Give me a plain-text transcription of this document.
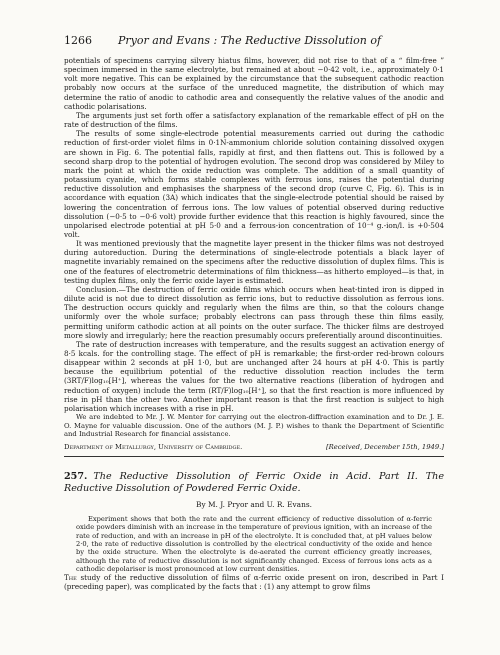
1266 Pryor and Evans : The Reductive Dissolution of

potentials of specimens carrying silvery hiatus films, however, did not rise to that of a “ film-free ” specimen immersed in the same electrolyte, but remained at about −0·42 volt, i.e., approximately 0·1 volt more negative. This can be explained by the circumstance that the subsequent cathodic reaction probably now occurs at the surface of the unreduced magnetite, the distribution of which may determine the ratio of anodic to cathodic area and consequently the relative values of the anodic and cathodic polarisations.

The arguments just set forth offer a satisfactory explanation of the remarkable effect of pH on the rate of destruction of the films.

The results of some single-electrode potential measurements carried out during the cathodic reduction of first-order violet films in 0·1N-ammonium chloride solution containing dissolved oxygen are shown in Fig. 6. The potential falls, rapidly at first, and then flattens out. This is followed by a second sharp drop to the potential of hydrogen evolution. The second drop was considered by Miley to mark the point at which the oxide reduction was complete. The addition of a small quantity of potassium cyanide, which forms stable complexes with ferrous ions, raises the potential during reductive dissolution and emphasises the sharpness of the second drop (curve C, Fig. 6). This is in accordance with equation (3A) which indicates that the single-electrode potential should be raised by lowering the concentration of ferrous ions. The low values of potential observed during reductive dissolution (−0·5 to −0·6 volt) provide further evidence that this reaction is highly favoured, since the unpolarised electrode potential at pH 5·0 and a ferrous-ion concentration of 10⁻⁴ g.-ion/l. is +0·504 volt.

It was mentioned previously that the magnetite layer present in the thicker films was not destroyed during autoreduction. During the determinations of single-electrode potentials a black layer of magnetite invariably remained on the specimens after the reductive dissolution of duplex films. This is one of the features of electrometric determinations of film thickness—as hitherto employed—is that, in testing duplex films, only the ferric oxide layer is estimated.

Conclusion.—The destruction of ferric oxide films which occurs when heat-tinted iron is dipped in dilute acid is not due to direct dissolution as ferric ions, but to reductive dissolution as ferrous ions. The destruction occurs quickly and regularly when the films are thin, so that the colours change uniformly over the whole surface; probably electrons can pass through these thin films easily, permitting uniform cathodic action at all points on the outer surface. The thicker films are destroyed more slowly and irregularly; here the reaction presumably occurs preferentially around discontinuities.

The rate of destruction increases with temperature, and the results suggest an activation energy of 8·5 kcals. for the controlling stage. The effect of pH is remarkable; the first-order red-brown colours disappear within 2 seconds at pH 1·0, but are unchanged after 24 hours at pH 4·0. This is partly because the equilibrium potential of the reductive dissolution reaction includes the term (3RT/F)log₁₀[H⁺], whereas the values for the two alternative reactions (liberation of hydrogen and reduction of oxygen) include the term (RT/F)log₁₀[H⁺], so that the first reaction is more influenced by rise in pH than the other two. Another important reason is that the first reaction is subject to high polarisation which increases with a rise in pH.

We are indebted to Mr. J. W. Menter for carrying out the electron-diffraction examination and to Dr. J. E. O. Mayne for valuable discussion. One of the authors (M. J. P.) wishes to thank the Department of Scientific and Industrial Research for financial assistance.

Department of Metallurgy, University of Cambridge.	[Received, December 15th, 1949.]
257. The Reductive Dissolution of Ferric Oxide in Acid. Part II. The Reductive Dissolution of Powdered Ferric Oxide.
By M. J. Pryor and U. R. Evans.

Experiment shows that both the rate and the current efficiency of reductive dissolution of α-ferric oxide powders diminish with an increase in the temperature of previous ignition, with an increase of the rate of reduction, and with an increase in pH of the electrolyte. It is concluded that, at pH values below 2·0, the rate of reductive dissolution is controlled by the electrical conductivity of the oxide and hence by the oxide structure. When the electrolyte is de-aerated the current efficiency greatly increases, although the rate of reductive dissolution is not significantly changed. Excess of ferrous ions acts as a cathodic depolariser is most pronounced at low current densities.

The study of the reductive dissolution of films of α-ferric oxide present on iron, described in Part I (preceding paper), was complicated by the facts that : (1) any attempt to grow films
